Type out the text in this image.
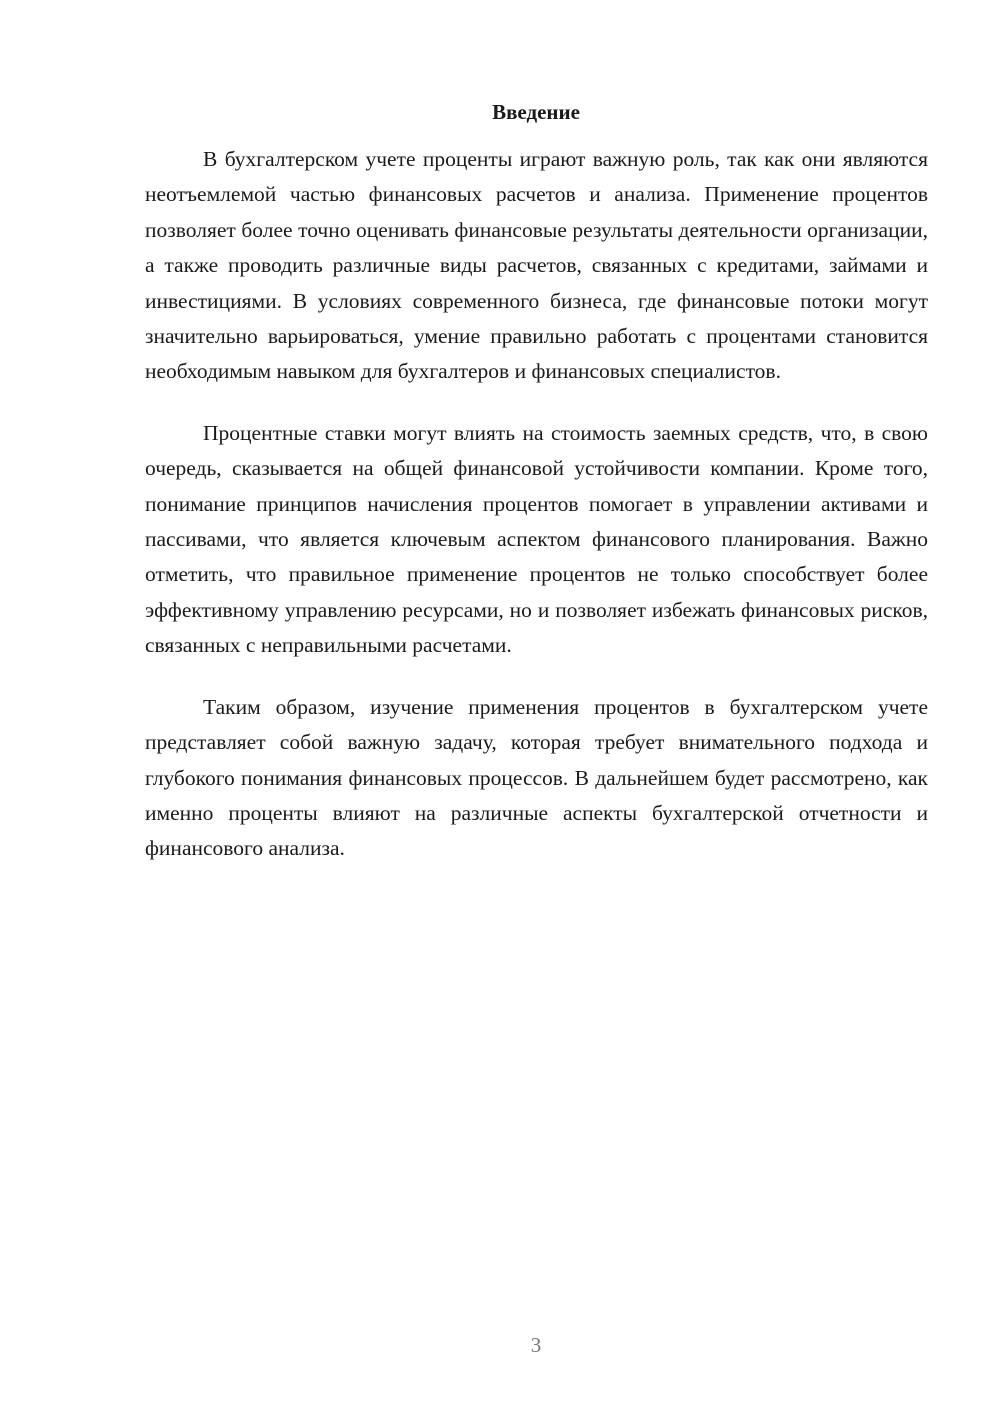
Введение

В бухгалтерском учете проценты играют важную роль, так как они являются неотъемлемой частью финансовых расчетов и анализа. Применение процентов позволяет более точно оценивать финансовые результаты деятельности организации, а также проводить различные виды расчетов, связанных с кредитами, займами и инвестициями. В условиях современного бизнеса, где финансовые потоки могут значительно варьироваться, умение правильно работать с процентами становится необходимым навыком для бухгалтеров и финансовых специалистов.

Процентные ставки могут влиять на стоимость заемных средств, что, в свою очередь, сказывается на общей финансовой устойчивости компании. Кроме того, понимание принципов начисления процентов помогает в управлении активами и пассивами, что является ключевым аспектом финансового планирования. Важно отметить, что правильное применение процентов не только способствует более эффективному управлению ресурсами, но и позволяет избежать финансовых рисков, связанных с неправильными расчетами.

Таким образом, изучение применения процентов в бухгалтерском учете представляет собой важную задачу, которая требует внимательного подхода и глубокого понимания финансовых процессов. В дальнейшем будет рассмотрено, как именно проценты влияют на различные аспекты бухгалтерской отчетности и финансового анализа.

3
